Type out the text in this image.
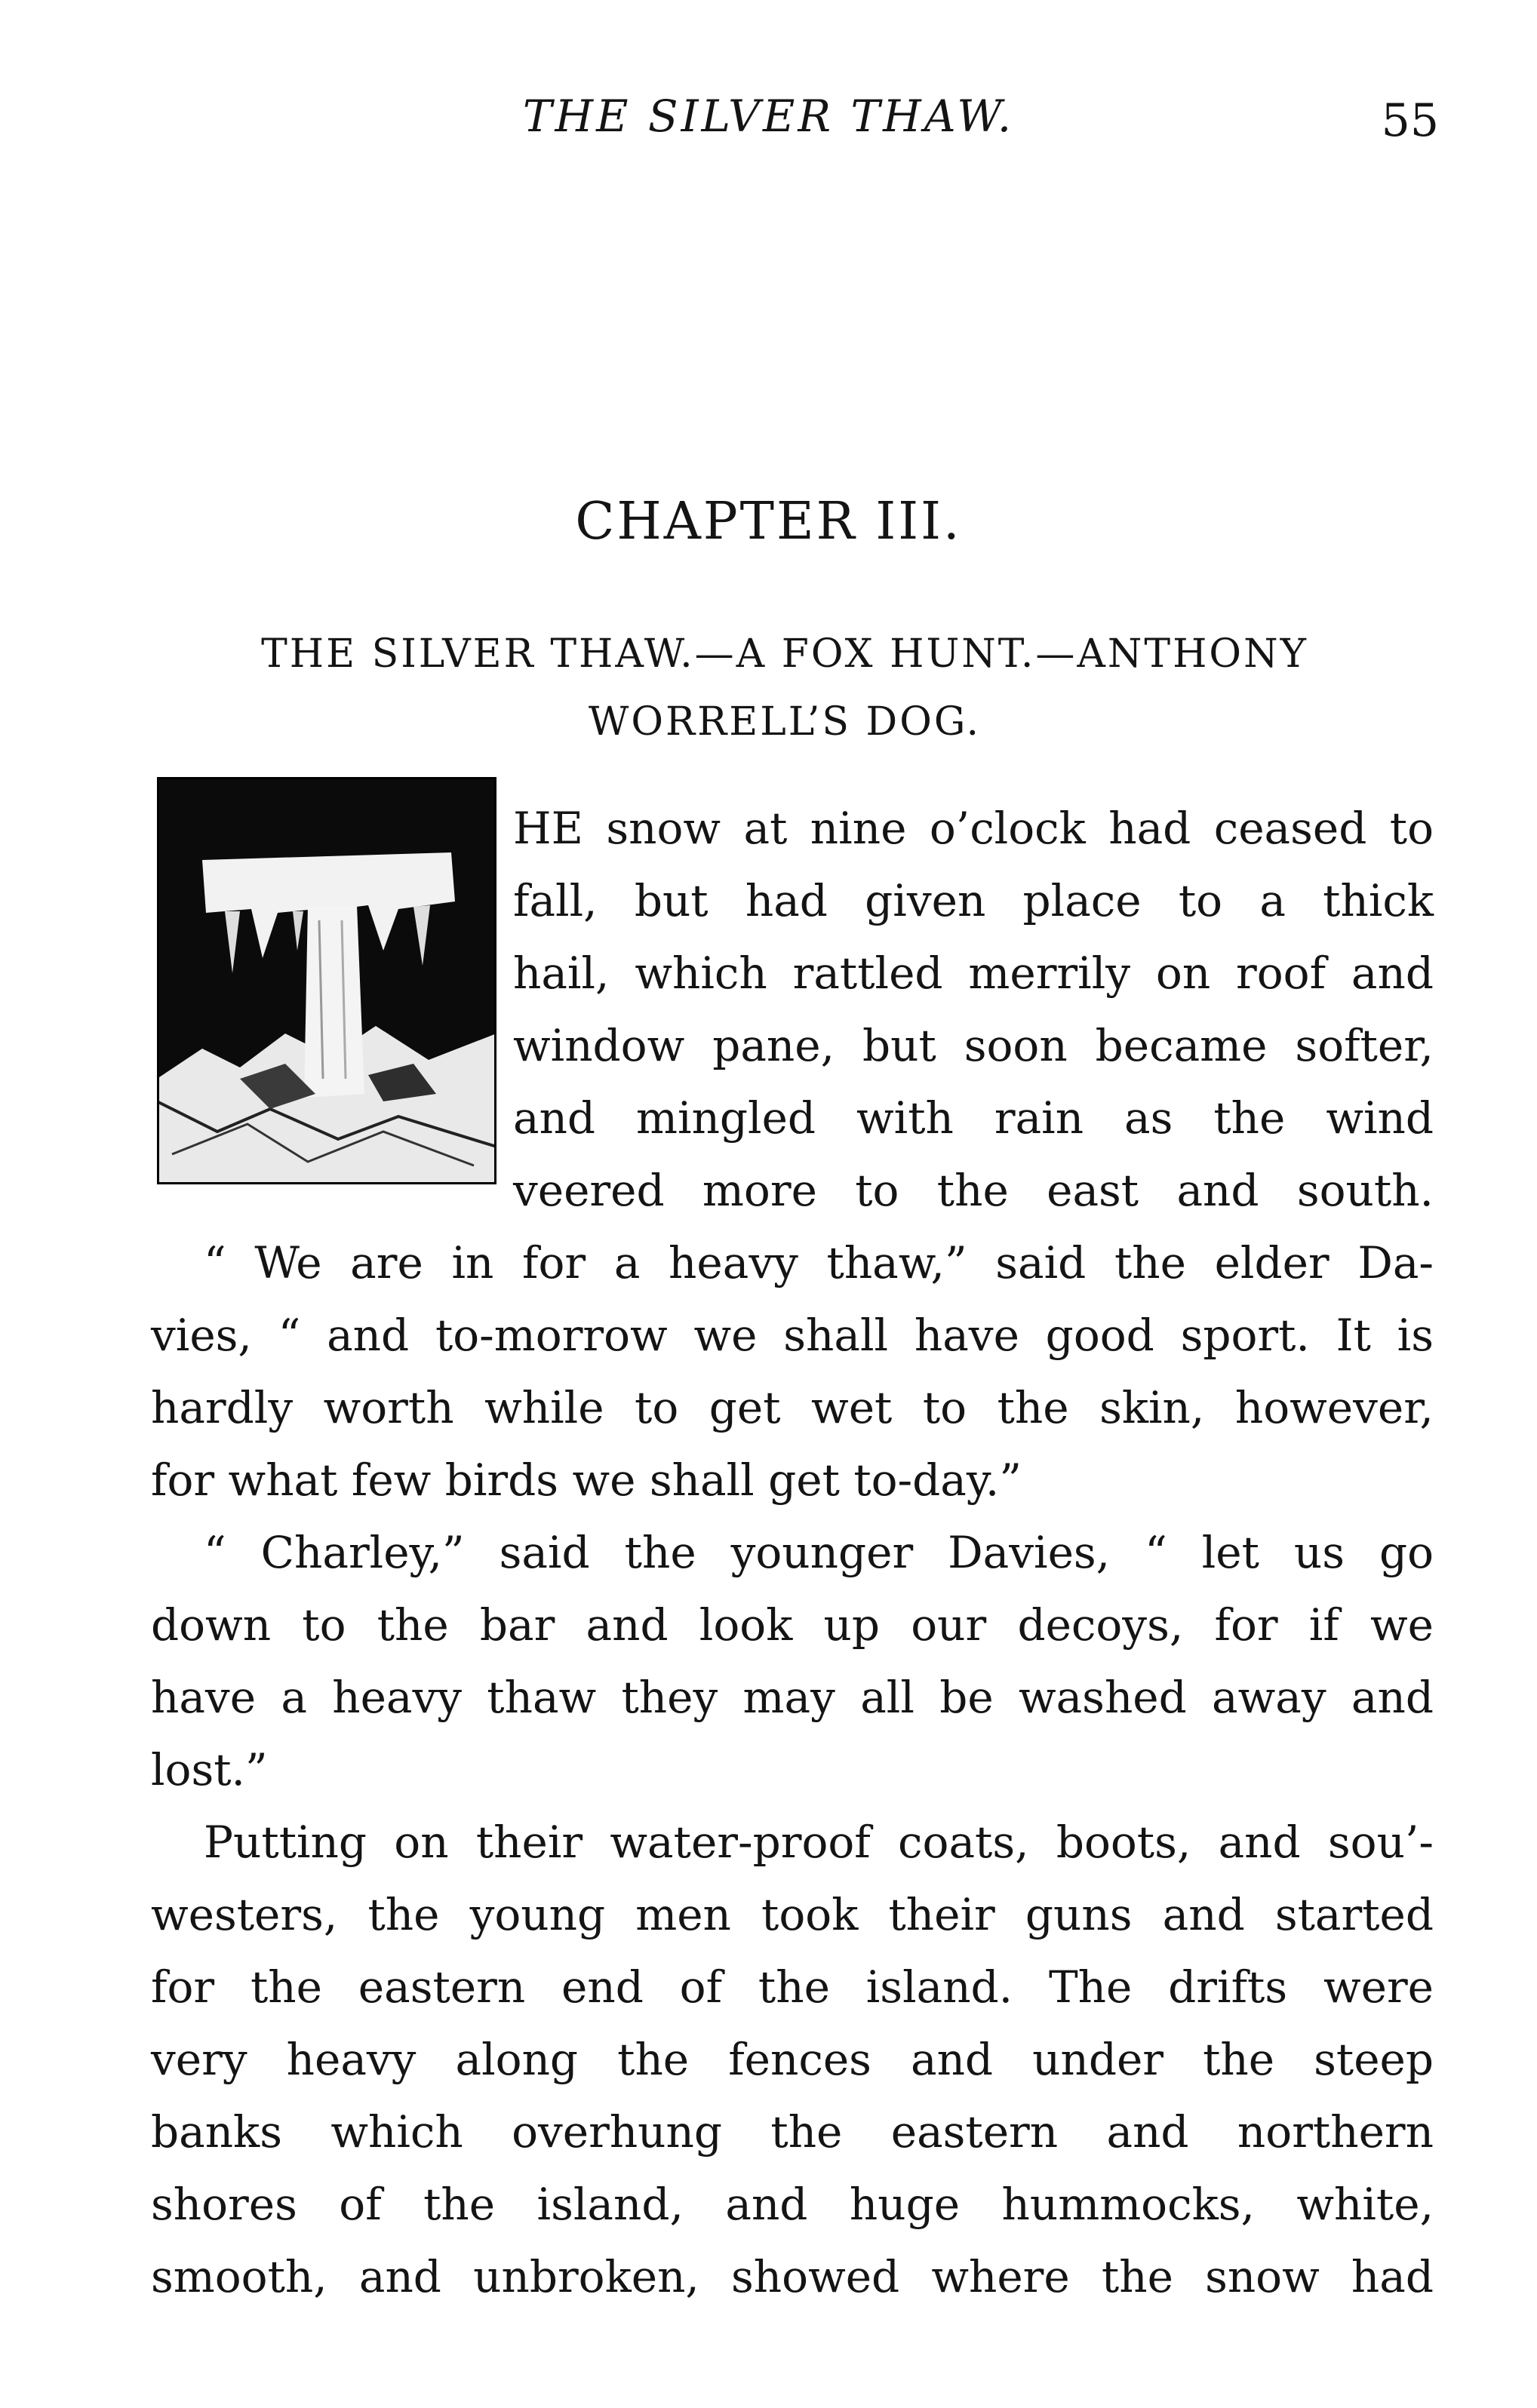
THE SILVER THAW.	55
CHAPTER III.
THE SILVER THAW.—A FOX HUNT.—ANTHONY
WORRELL’S DOG.
HE snow at nine o’clock had ceased to
fall, but had given place to a thick
hail, which rattled merrily on roof and
window pane, but soon became softer,
and mingled with rain as the wind
veered more to the east and south.
“ We are in for a heavy thaw,” said the elder Da-
vies, “ and to-morrow we shall have good sport. It is
hardly worth while to get wet to the skin, however,
for what few birds we shall get to-day.”
“ Charley,” said the younger Davies, “ let us go
down to the bar and look up our decoys, for if we
have a heavy thaw they may all be washed away and
lost.”
Putting on their water-proof coats, boots, and sou’-
westers, the young men took their guns and started
for the eastern end of the island. The drifts were
very heavy along the fences and under the steep
banks which overhung the eastern and northern
shores of the island, and huge hummocks, white,
smooth, and unbroken, showed where the snow had
